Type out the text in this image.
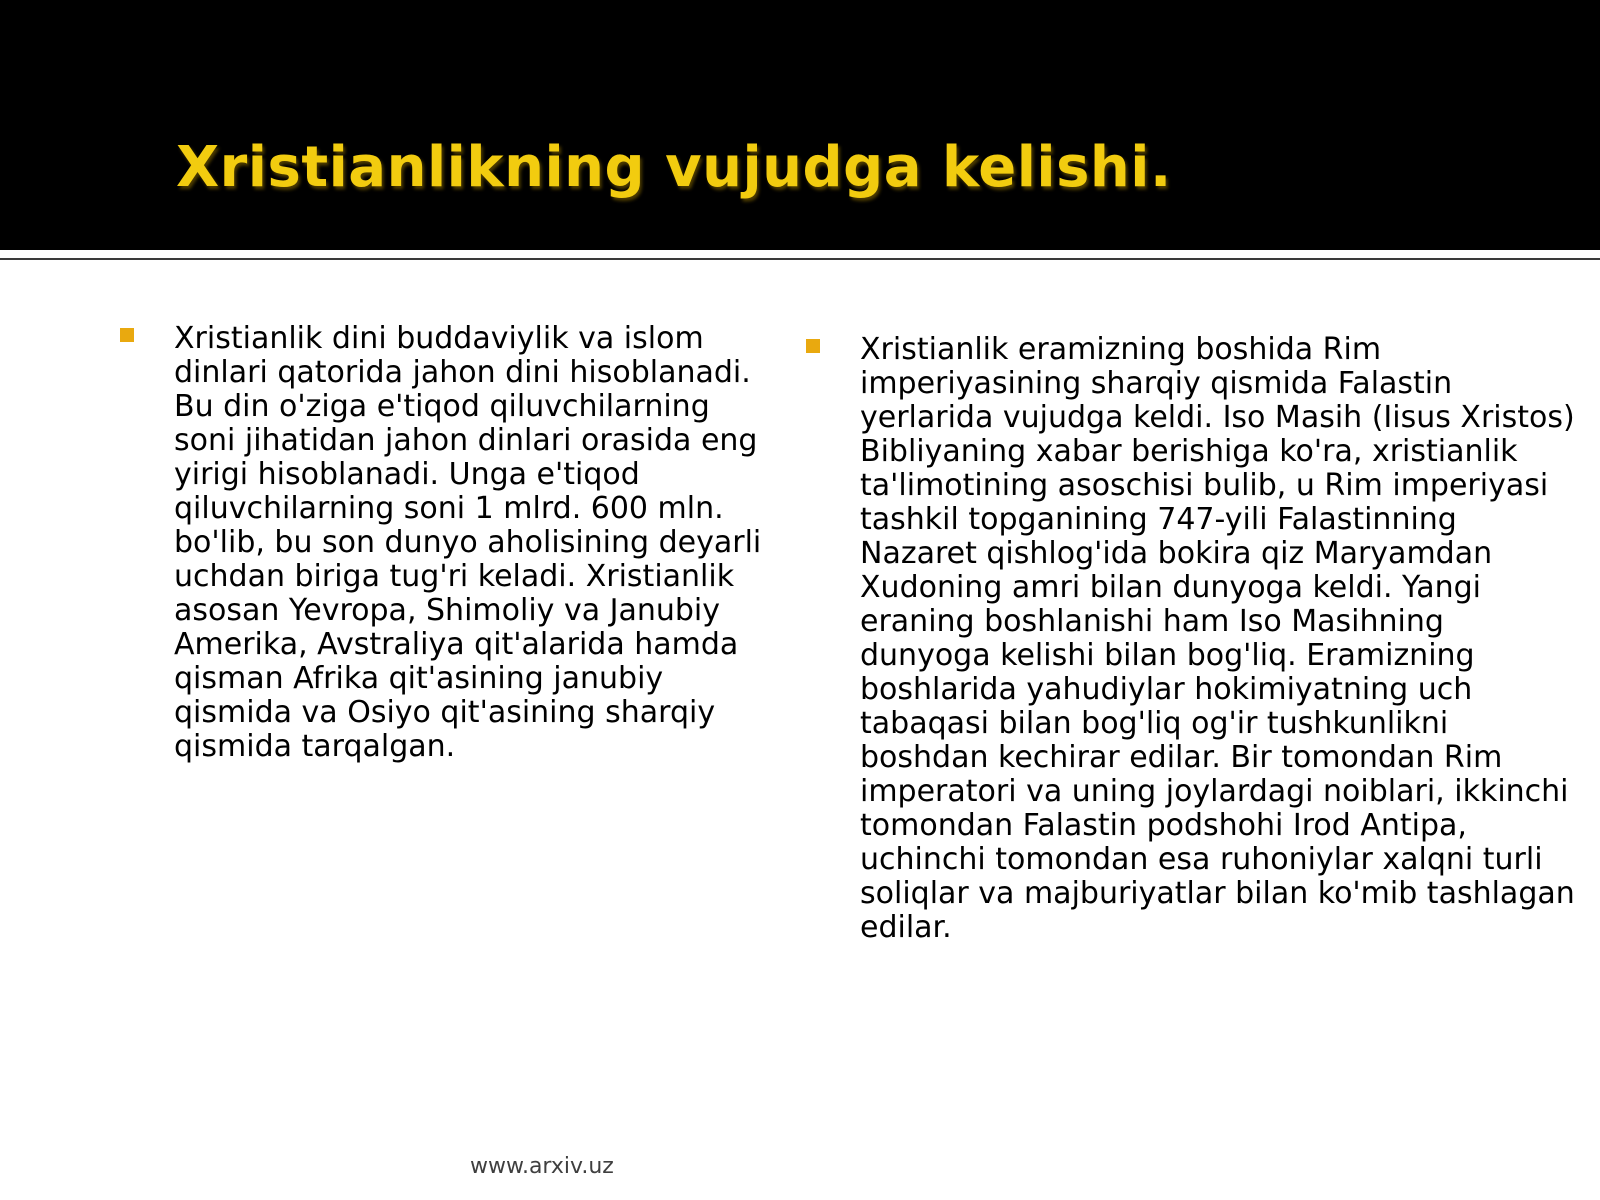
Xristianlikning vujudga kelishi.

Xristianlik dini buddaviylik va islom dinlari qatorida jahon dini hisoblanadi. Bu din o'ziga e'tiqod qiluvchilarning soni jihatidan jahon dinlari orasida eng yirigi hisoblanadi. Unga e'tiqod qiluvchilarning soni 1 mlrd. 600 mln. bo'lib, bu son dunyo aholisining deyarli uchdan biriga tug'ri keladi. Xristianlik asosan Yevropa, Shimoliy va Janubiy Amerika, Avstraliya qit'alarida hamda qisman Afrika qit'asining janubiy qismida va Osiyo qit'asining sharqiy qismida tarqalgan.

Xristianlik eramizning boshida Rim imperiyasining sharqiy qismida Falastin yerlarida vujudga keldi. Iso Masih (Iisus Xristos) Bibliyaning xabar berishiga ko'ra, xristianlik ta'limotining asoschisi bulib, u Rim imperiyasi tashkil topganining 747-yili Falastinning Nazaret qishlog'ida bokira qiz Maryamdan Xudoning amri bilan dunyoga keldi. Yangi eraning boshlanishi ham Iso Masihning dunyoga kelishi bilan bog'liq. Eramizning boshlarida yahudiylar hokimiyatning uch tabaqasi bilan bog'liq og'ir tushkunlikni boshdan kechirar edilar. Bir tomondan Rim imperatori va uning joylardagi noiblari, ikkinchi tomondan Falastin podshohi Irod Antipa, uchinchi tomondan esa ruhoniylar xalqni turli soliqlar va majburiyatlar bilan ko'mib tashlagan edilar.

www.arxiv.uz
